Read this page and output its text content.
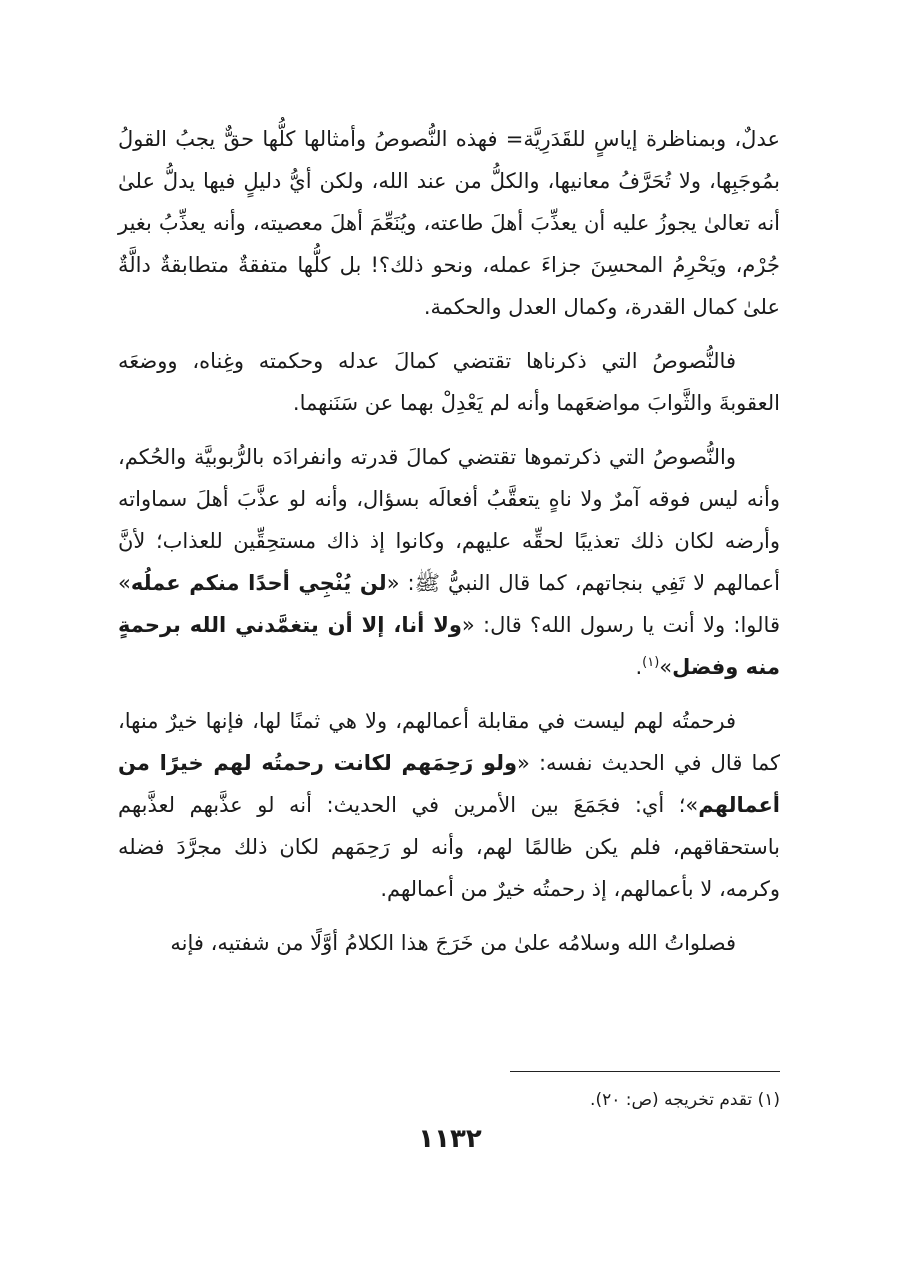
عدلٌ، وبمناظرة إياسٍ للقَدَرِيَّة= فهذه النُّصوصُ وأمثالها كلُّها حقٌّ يجبُ القولُ بمُوجَبِها، ولا تُحَرَّفُ معانيها، والكلُّ من عند الله، ولكن أيُّ دليلٍ فيها يدلُّ علىٰ أنه تعالىٰ يجوزُ عليه أن يعذِّبَ أهلَ طاعته، ويُنَعِّمَ أهلَ معصيته، وأنه يعذِّبُ بغير جُرْم، ويَحْرِمُ المحسِنَ جزاءَ عمله، ونحو ذلك؟! بل كلُّها متفقةٌ متطابقةٌ دالَّةٌ علىٰ كمال القدرة، وكمال العدل والحكمة.

فالنُّصوصُ التي ذكرناها تقتضي كمالَ عدله وحكمته وغِناه، ووضعَه العقوبةَ والثَّوابَ مواضعَهما وأنه لم يَعْدِلْ بهما عن سَنَنهما.

والنُّصوصُ التي ذكرتموها تقتضي كمالَ قدرته وانفرادَه بالرُّبوبيَّة والحُكم، وأنه ليس فوقه آمرٌ ولا ناهٍ يتعقَّبُ أفعالَه بسؤال، وأنه لو عذَّبَ أهلَ سماواته وأرضه لكان ذلك تعذيبًا لحقِّه عليهم، وكانوا إذ ذاك مستحِقِّين للعذاب؛ لأنَّ أعمالهم لا تَفِي بنجاتهم، كما قال النبيُّ ﷺ: «لن يُنْجِي أحدًا منكم عملُه» قالوا: ولا أنت يا رسول الله؟ قال: «ولا أنا، إلا أن يتغمَّدني الله برحمةٍ منه وفضل»$^{(١)}$.

فرحمتُه لهم ليست في مقابلة أعمالهم، ولا هي ثمنًا لها، فإنها خيرٌ منها، كما قال في الحديث نفسه: «ولو رَحِمَهم لكانت رحمتُه لهم خيرًا من أعمالهم»؛ أي: فجَمَعَ بين الأمرين في الحديث: أنه لو عذَّبهم لعذَّبهم باستحقاقهم، فلم يكن ظالمًا لهم، وأنه لو رَحِمَهم لكان ذلك مجرَّدَ فضله وكرمه، لا بأعمالهم، إذ رحمتُه خيرٌ من أعمالهم.

فصلواتُ الله وسلامُه علىٰ من خَرَجَ هذا الكلامُ أوَّلًا من شفتيه، فإنه

(١) تقدم تخريجه (ص: ٢٠).
١١٣٢
